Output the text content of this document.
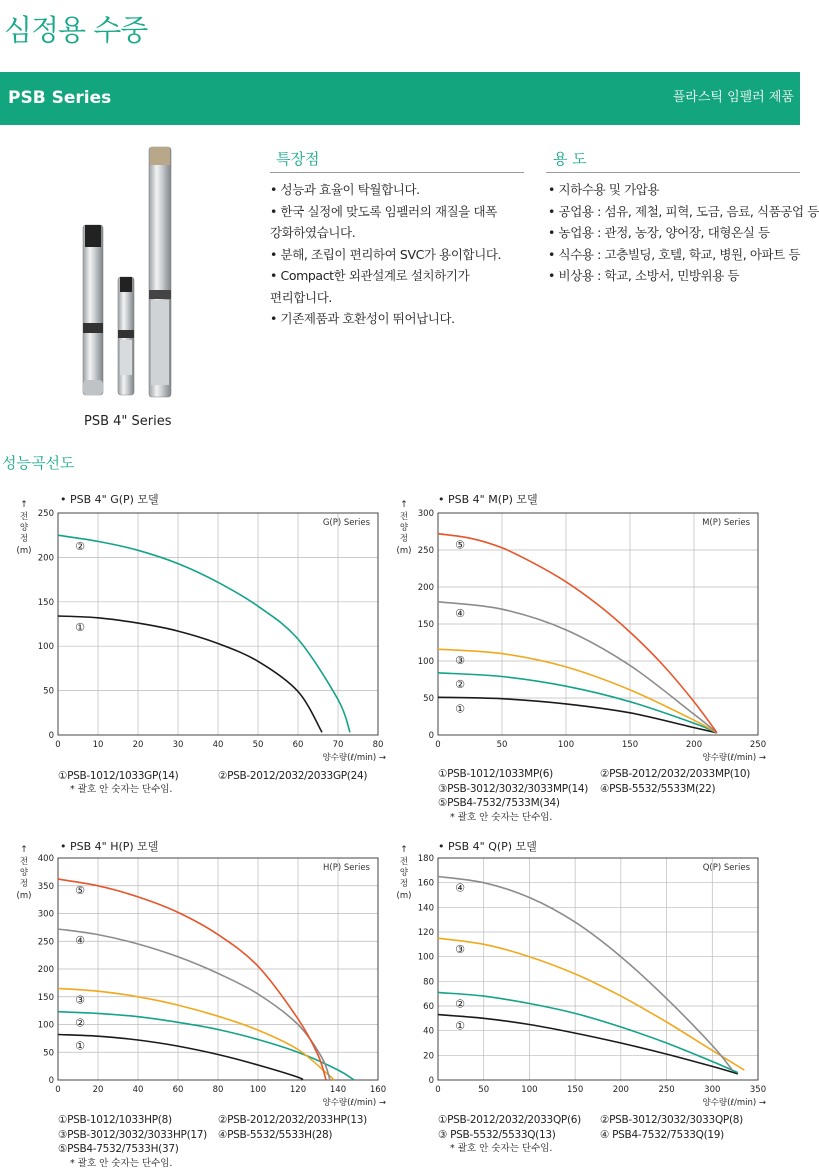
심정용 수중
PSB Series	플라스틱 임펠러 제품
PSB 4" Series
특장점
• 성능과 효율이 탁월합니다.
• 한국 실정에 맞도록 임펠러의 재질을 대폭
강화하였습니다.
• 분해, 조립이 편리하여 SVC가 용이합니다.
• Compact한 외관설계로 설치하기가
편리합니다.
• 기존제품과 호환성이 뛰어납니다.
용 도
• 지하수용 및 가압용
• 공업용 : 섬유, 제철, 피혁, 도금, 음료, 식품공업 등
• 농업용 : 관정, 농장, 양어장, 대형온실 등
• 식수용 : 고층빌딩, 호텔, 학교, 병원, 아파트 등
• 비상용 : 학교, 소방서, 민방위용 등
성능곡선도
• PSB 4" G(P) 모델
0	10	20	30	40	50	60	70	80
0
50
100
150
200
250
G(P) Series
↑
전
양
정
(m)
양수량(ℓ/min) →
①
②
①PSB-1012/1033GP(14)	②PSB-2012/2032/2033GP(24)
* 괄호 안 숫자는 단수임.
• PSB 4" M(P) 모델
0	50	100	150	200	250
0
50
100
150
200
250
300
M(P) Series
↑
전
양
정
(m)
양수량(ℓ/min) →
①
②
③
④
⑤
①PSB-1012/1033MP(6)
③PSB-3012/3032/3033MP(14)
⑤PSB4-7532/7533M(34)
* 괄호 안 숫자는 단수임.
②PSB-2012/2032/2033MP(10)
④PSB-5532/5533M(22)
• PSB 4" H(P) 모델
0	20	40	60	80	100	120	140	160
0
50
100
150
200
250
300
350
400
H(P) Series
↑
전
양
정
(m)
양수량(ℓ/min) →
①
②
③
④
⑤
①PSB-1012/1033HP(8)
③PSB-3012/3032/3033HP(17)
⑤PSB4-7532/7533H(37)
* 괄호 안 숫자는 단수임.
②PSB-2012/2032/2033HP(13)
④PSB-5532/5533H(28)
• PSB 4" Q(P) 모델
0	50	100	150	200	250	300	350
0
20
40
60
80
100
120
140
160
180
Q(P) Series
↑
전
양
정
(m)
양수량(ℓ/min) →
①
②
③
④
①PSB-2012/2032/2033QP(6)
③ PSB-5532/5533Q(13)
* 괄호 안 숫자는 단수임.
②PSB-3012/3032/3033QP(8)
④ PSB4-7532/7533Q(19)
